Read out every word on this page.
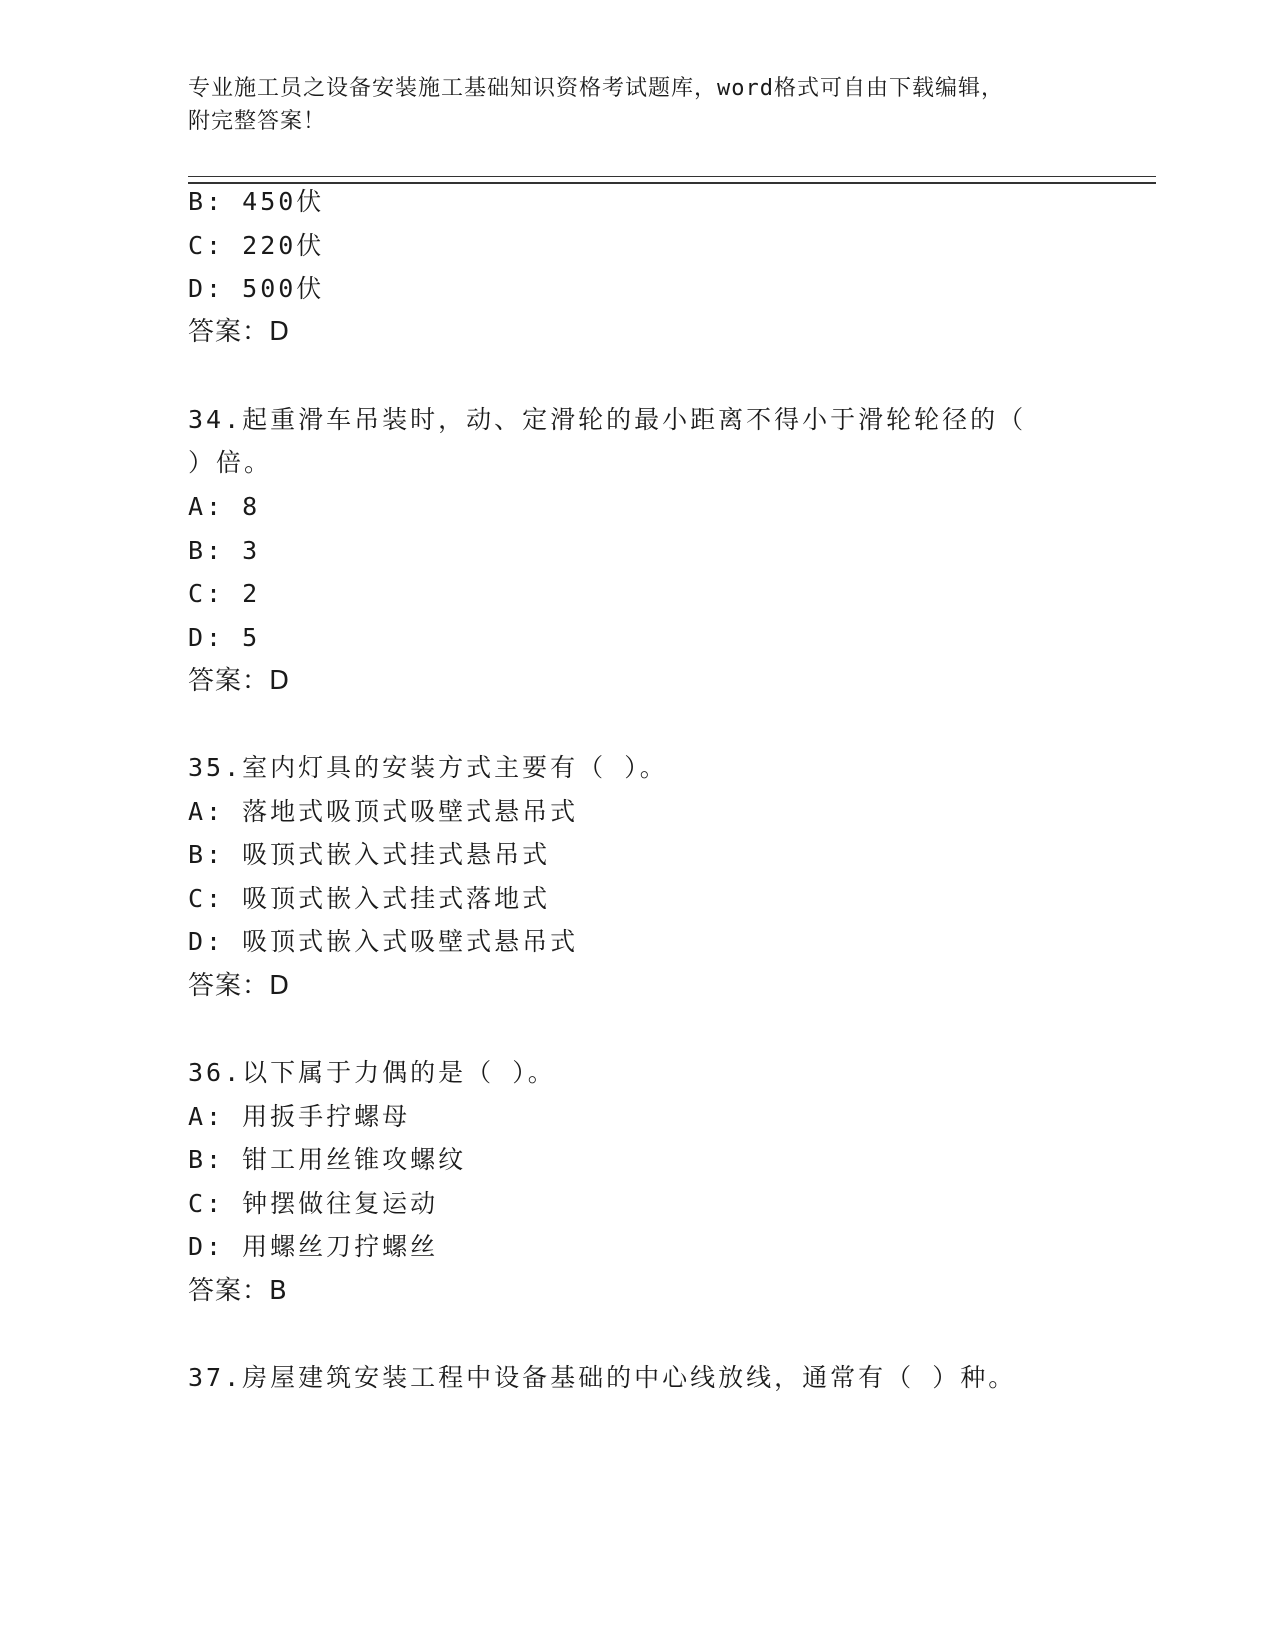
专业施工员之设备安装施工基础知识资格考试题库，word格式可自由下载编辑，
附完整答案！
B: 450伏
C: 220伏
D: 500伏
答案：D
34.起重滑车吊装时，动、定滑轮的最小距离不得小于滑轮轮径的（
）倍。
A: 8
B: 3
C: 2
D: 5
答案：D
35.室内灯具的安装方式主要有（ ）。
A: 落地式吸顶式吸壁式悬吊式
B: 吸顶式嵌入式挂式悬吊式
C: 吸顶式嵌入式挂式落地式
D: 吸顶式嵌入式吸壁式悬吊式
答案：D
36.以下属于力偶的是（ ）。
A: 用扳手拧螺母
B: 钳工用丝锥攻螺纹
C: 钟摆做往复运动
D: 用螺丝刀拧螺丝
答案：B
37.房屋建筑安装工程中设备基础的中心线放线，通常有（ ）种。
